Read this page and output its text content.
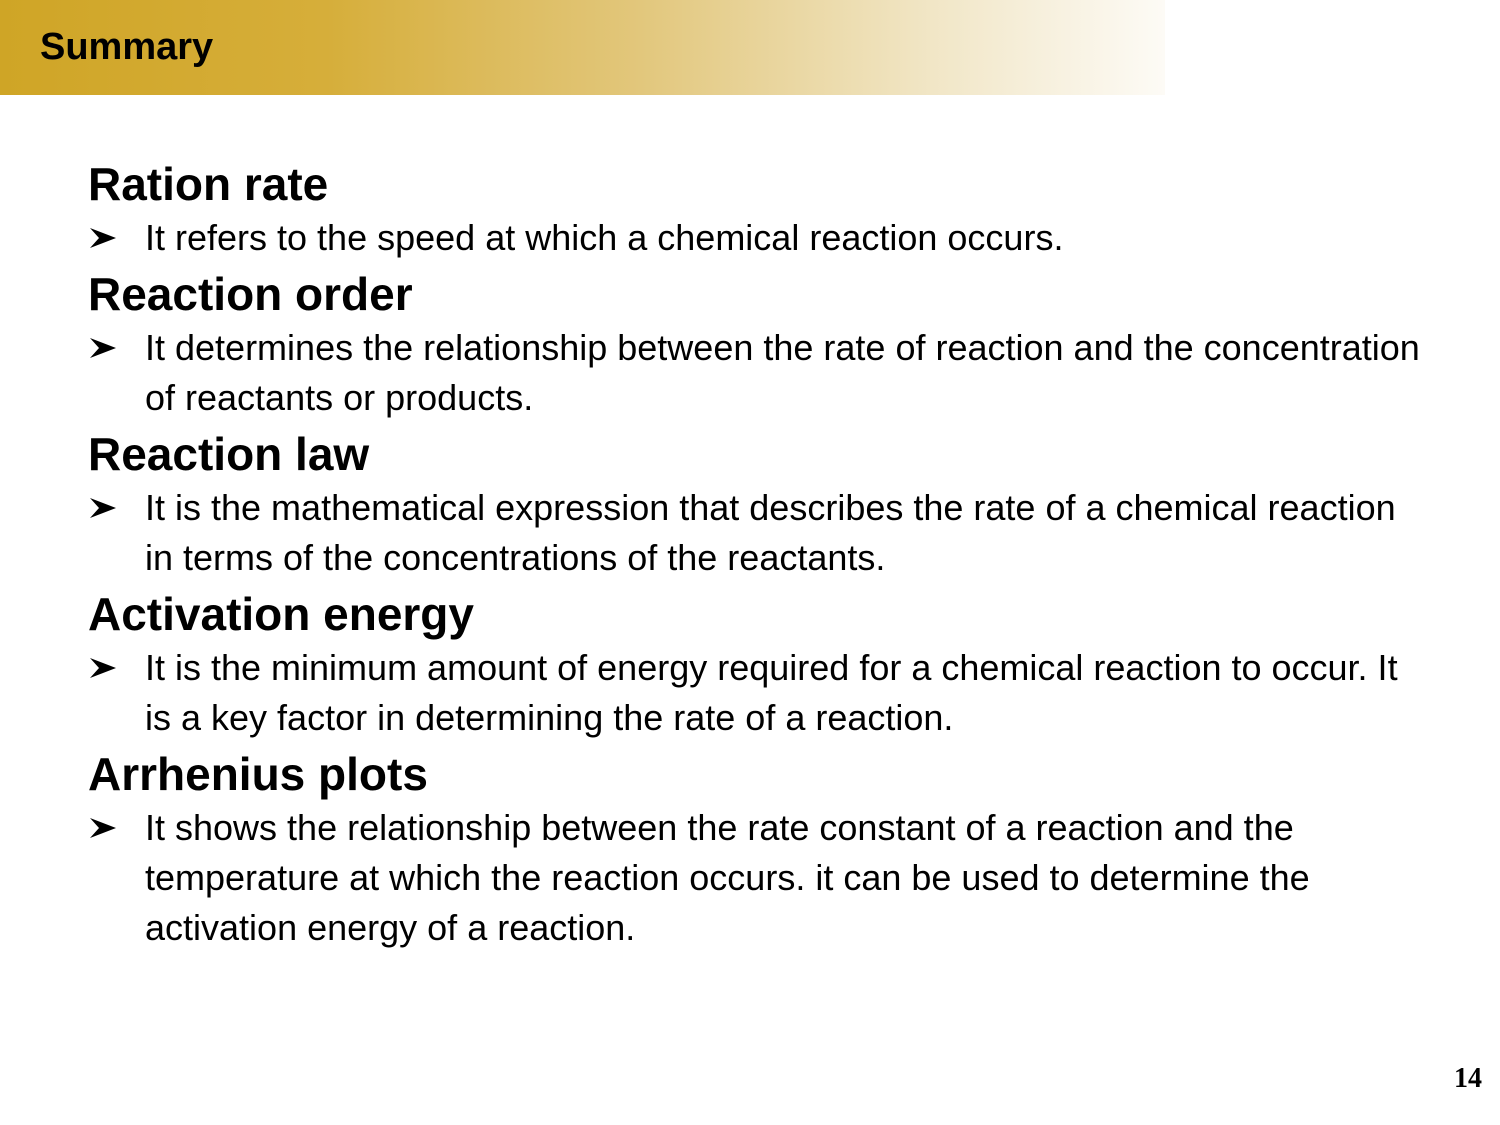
Summary
Ration rate
It refers to the speed at which a chemical reaction occurs.
Reaction order
It determines the relationship between the rate of reaction and the concentration of reactants or products.
Reaction law
It is the mathematical expression that describes the rate of a chemical reaction in terms of the concentrations of the reactants.
Activation energy
It is the minimum amount of energy required for a chemical reaction to occur. It is a key factor in determining the rate of a reaction.
Arrhenius plots
It shows the relationship between the rate constant of a reaction and the temperature at which the reaction occurs. it can be used to determine the activation energy of a reaction.
14
